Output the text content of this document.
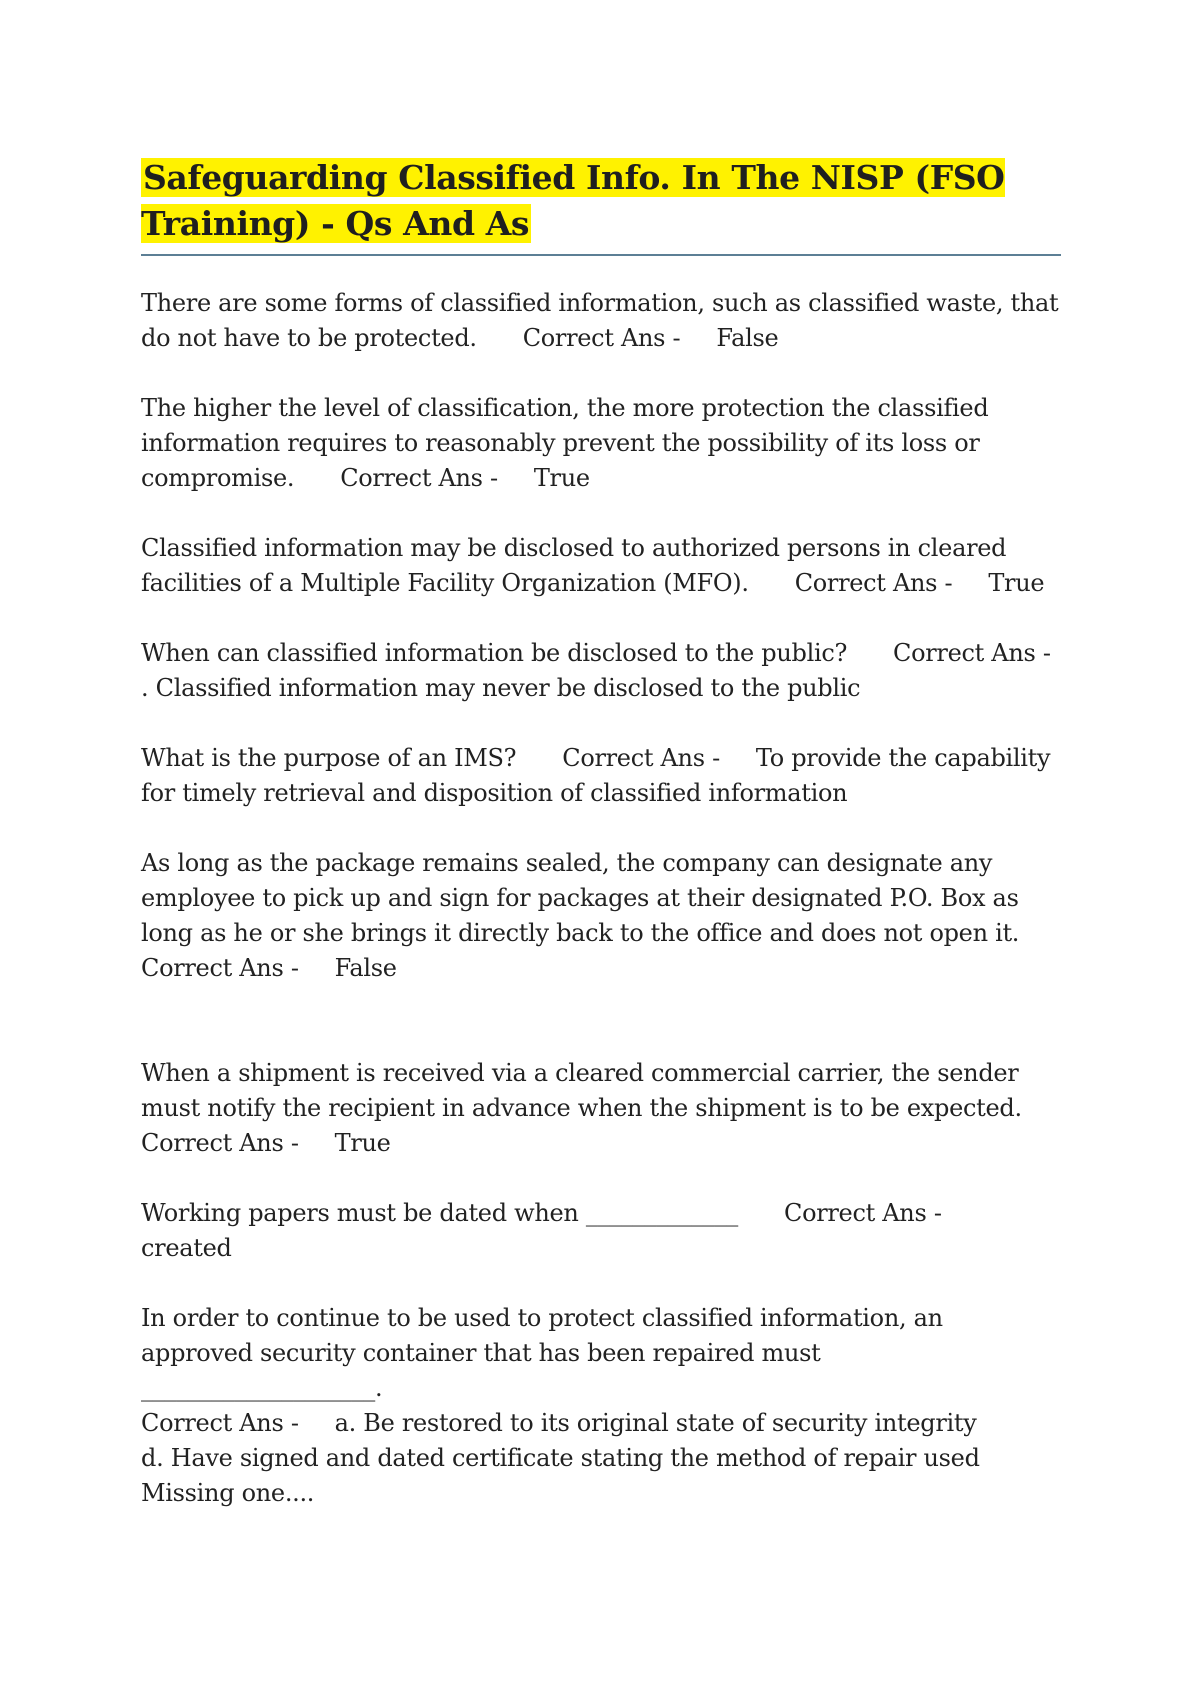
Safeguarding Classified Info. In The NISP (FSO Training) - Qs And As

There are some forms of classified information, such as classified waste, that do not have to be protected. Correct Ans - False

The higher the level of classification, the more protection the classified information requires to reasonably prevent the possibility of its loss or compromise. Correct Ans - True

Classified information may be disclosed to authorized persons in cleared facilities of a Multiple Facility Organization (MFO). Correct Ans - True

When can classified information be disclosed to the public? Correct Ans -
. Classified information may never be disclosed to the public

What is the purpose of an IMS? Correct Ans - To provide the capability for timely retrieval and disposition of classified information

As long as the package remains sealed, the company can designate any employee to pick up and sign for packages at their designated P.O. Box as long as he or she brings it directly back to the office and does not open it.
Correct Ans - False

When a shipment is received via a cleared commercial carrier, the sender must notify the recipient in advance when the shipment is to be expected.
Correct Ans - True

Working papers must be dated when _____________ Correct Ans -
created

In order to continue to be used to protect classified information, an approved security container that has been repaired must ____________________.
Correct Ans - a. Be restored to its original state of security integrity
d. Have signed and dated certificate stating the method of repair used
Missing one....
